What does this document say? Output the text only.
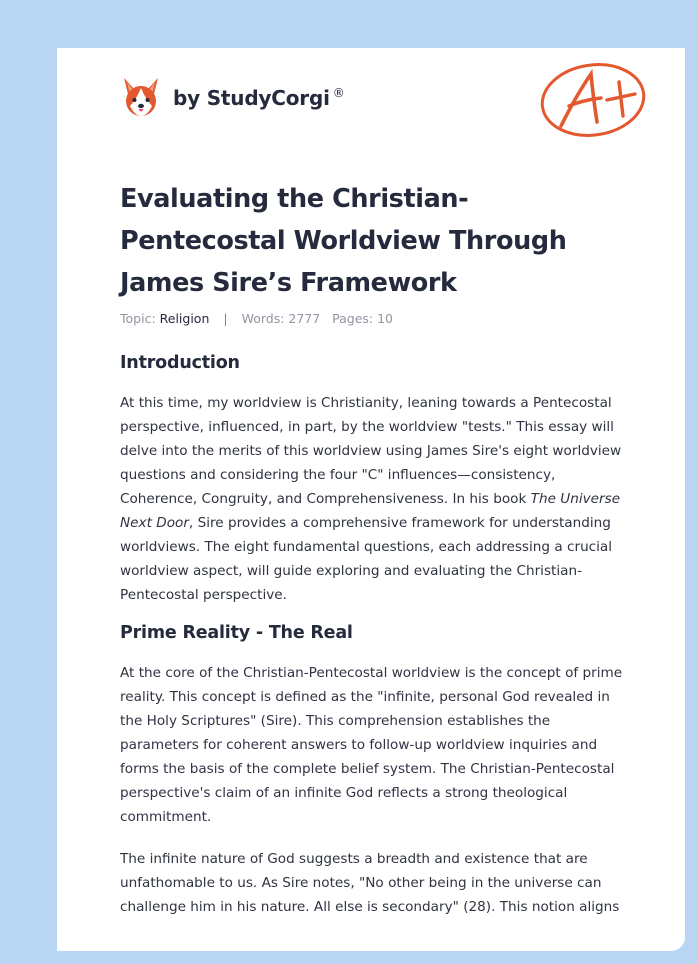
by StudyCorgi ®
Evaluating the Christian-Pentecostal Worldview Through James Sire’s Framework
Topic: Religion | Words: 2777 Pages: 10
Introduction

At this time, my worldview is Christianity, leaning towards a Pentecostal perspective, influenced, in part, by the worldview "tests." This essay will delve into the merits of this worldview using James Sire's eight worldview questions and considering the four "C" influences—consistency, Coherence, Congruity, and Comprehensiveness. In his book The Universe Next Door, Sire provides a comprehensive framework for understanding worldviews. The eight fundamental questions, each addressing a crucial worldview aspect, will guide exploring and evaluating the Christian-Pentecostal perspective.

Prime Reality - The Real

At the core of the Christian-Pentecostal worldview is the concept of prime reality. This concept is defined as the "infinite, personal God revealed in the Holy Scriptures" (Sire). This comprehension establishes the parameters for coherent answers to follow-up worldview inquiries and forms the basis of the complete belief system. The Christian-Pentecostal perspective's claim of an infinite God reflects a strong theological commitment.

The infinite nature of God suggests a breadth and existence that are unfathomable to us. As Sire notes, "No other being in the universe can challenge him in his nature. All else is secondary" (28). This notion aligns
